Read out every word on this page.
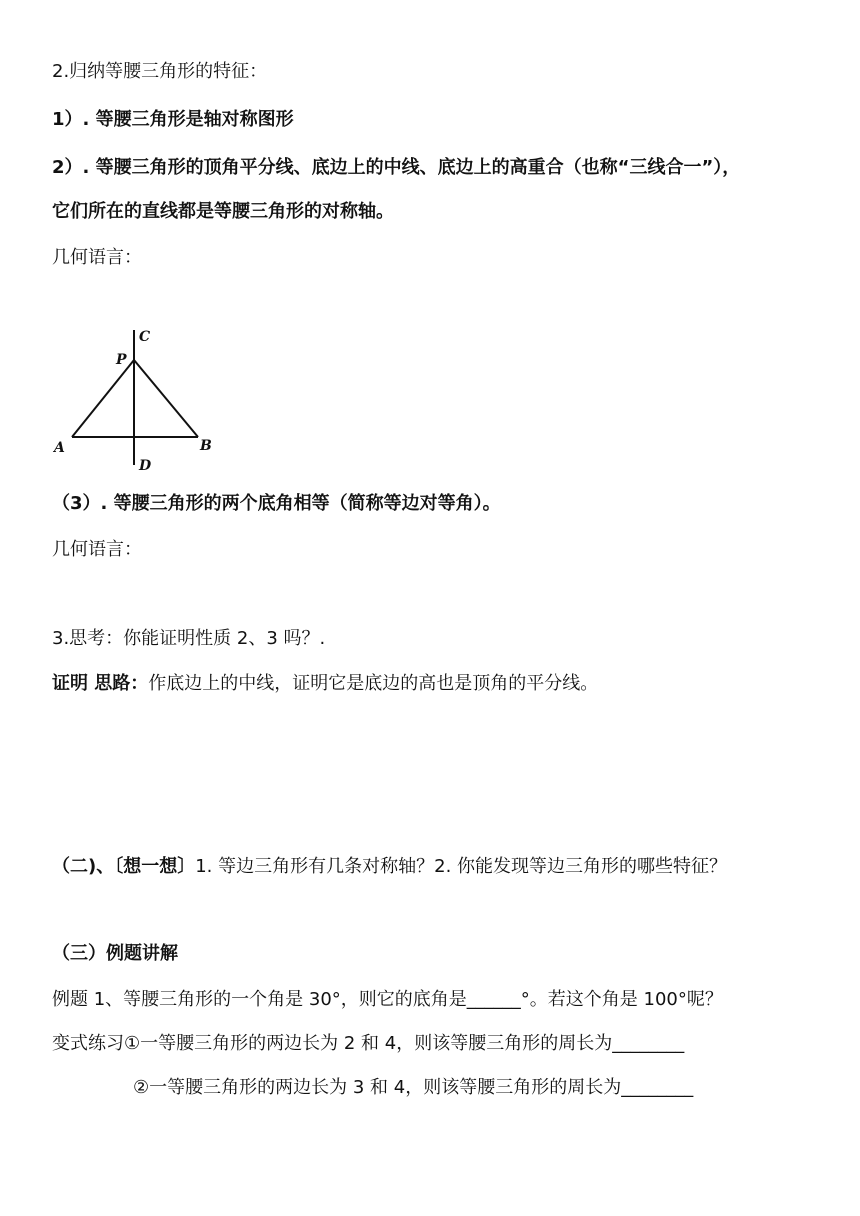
2.归纳等腰三角形的特征：
1）. 等腰三角形是轴对称图形
2）. 等腰三角形的顶角平分线、底边上的中线、底边上的高重合（也称“三线合一”），
它们所在的直线都是等腰三角形的对称轴。
几何语言：
C
P
A	B
D
（3）. 等腰三角形的两个底角相等（简称等边对等角）。
几何语言：
3.思考：你能证明性质 2、3 吗？.
证明 思路：作底边上的中线，证明它是底边的高也是顶角的平分线。
（二)、〔想一想〕1. 等边三角形有几条对称轴？2. 你能发现等边三角形的哪些特征？
（三）例题讲解
例题 1、等腰三角形的一个角是 30°，则它的底角是______°。若这个角是 100°呢？
变式练习①一等腰三角形的两边长为 2 和 4，则该等腰三角形的周长为________
②一等腰三角形的两边长为 3 和 4，则该等腰三角形的周长为________
